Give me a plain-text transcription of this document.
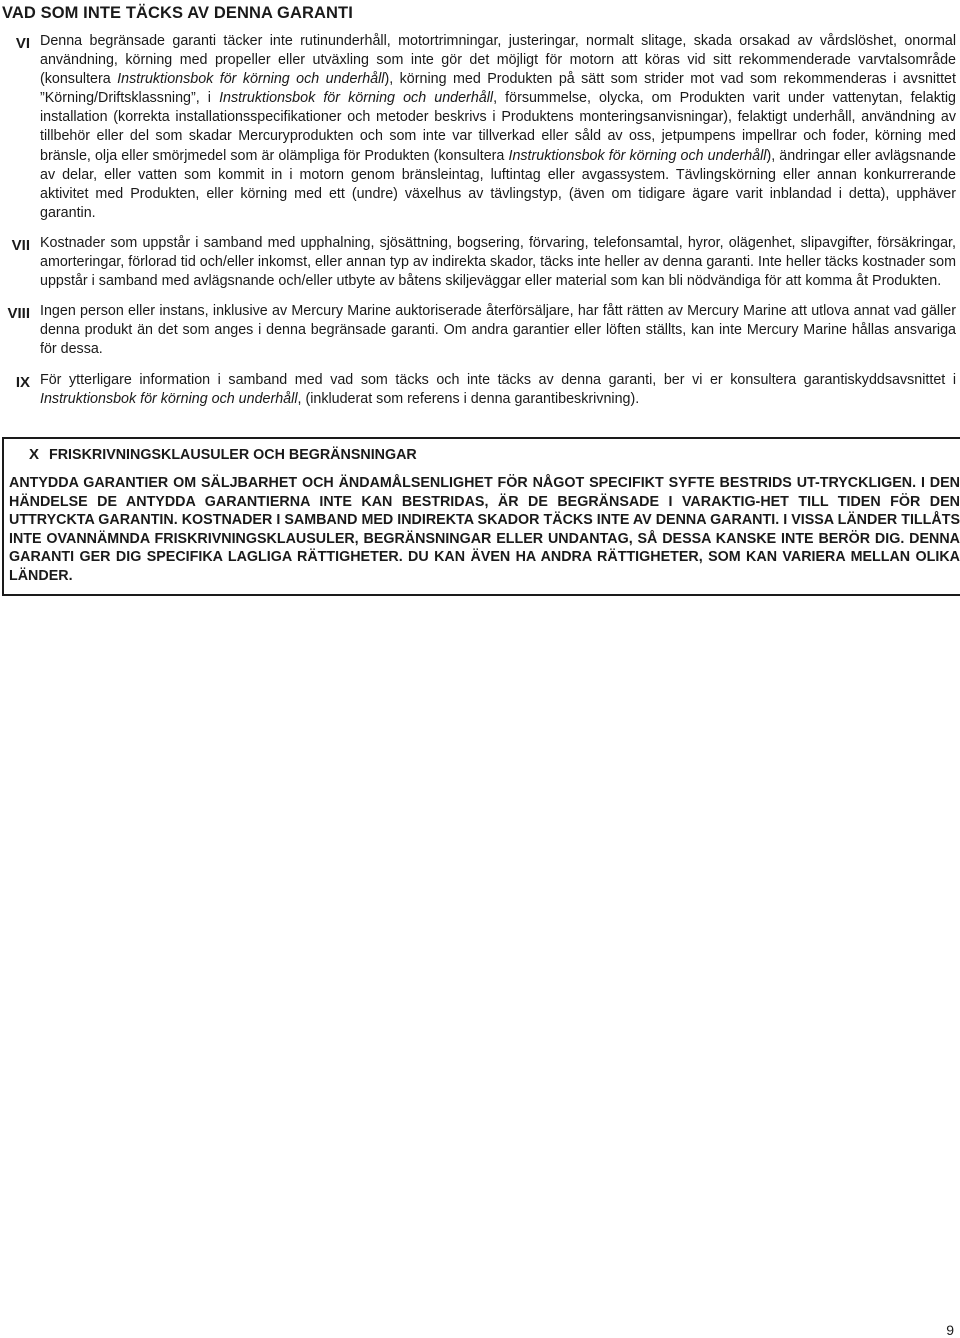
VAD SOM INTE TÄCKS AV DENNA GARANTI
VI Denna begränsade garanti täcker inte rutinunderhåll, motortrimningar, justeringar, normalt slitage, skada orsakad av vårdslöshet, onormal användning, körning med propeller eller utväxling som inte gör det möjligt för motorn att köras vid sitt rekommenderade varvtalsområde (konsultera Instruktionsbok för körning och underhåll), körning med Produkten på sätt som strider mot vad som rekommenderas i avsnittet ”Körning/Driftsklassning”, i Instruktionsbok för körning och underhåll, försummelse, olycka, om Produkten varit under vattenytan, felaktig installation (korrekta installationsspecifikationer och metoder beskrivs i Produktens monteringsanvisningar), felaktigt underhåll, användning av tillbehör eller del som skadar Mercuryprodukten och som inte var tillverkad eller såld av oss, jetpumpens impellrar och foder, körning med bränsle, olja eller smörjmedel som är olämpliga för Produkten (konsultera Instruktionsbok för körning och underhåll), ändringar eller avlägsnande av delar, eller vatten som kommit in i motorn genom bränsleintag, luftintag eller avgassystem. Tävlingskörning eller annan konkurrerande aktivitet med Produkten, eller körning med ett (undre) växelhus av tävlingstyp, (även om tidigare ägare varit inblandad i detta), upphäver garantin.
VII Kostnader som uppstår i samband med upphalning, sjösättning, bogsering, förvaring, telefonsamtal, hyror, olägenhet, slipavgifter, försäkringar, amorteringar, förlorad tid och/eller inkomst, eller annan typ av indirekta skador, täcks inte heller av denna garanti. Inte heller täcks kostnader som uppstår i samband med avlägsnande och/eller utbyte av båtens skiljeväggar eller material som kan bli nödvändiga för att komma åt Produkten.
VIII Ingen person eller instans, inklusive av Mercury Marine auktoriserade återförsäljare, har fått rätten av Mercury Marine att utlova annat vad gäller denna produkt än det som anges i denna begränsade garanti. Om andra garantier eller löften ställts, kan inte Mercury Marine hållas ansvariga för dessa.
IX För ytterligare information i samband med vad som täcks och inte täcks av denna garanti, ber vi er konsultera garantiskyddsavsnittet i Instruktionsbok för körning och underhåll, (inkluderat som referens i denna garantibeskrivning).
X FRISKRIVNINGSKLAUSULER OCH BEGRÄNSNINGAR

ANTYDDA GARANTIER OM SÄLJBARHET OCH ÄNDAMÅLSENLIGHET FÖR NÅGOT SPECIFIKT SYFTE BESTRIDS UT-TRYCKLIGEN. I DEN HÄNDELSE DE ANTYDDA GARANTIERNA INTE KAN BESTRIDAS, ÄR DE BEGRÄNSADE I VARAKTIG-HET TILL TIDEN FÖR DEN UTTRYCKTA GARANTIN. KOSTNADER I SAMBAND MED INDIREKTA SKADOR TÄCKS INTE AV DENNA GARANTI. I VISSA LÄNDER TILLÅTS INTE OVANNÄMNDA FRISKRIVNINGSKLAUSULER, BEGRÄNSNINGAR ELLER UNDANTAG, SÅ DESSA KANSKE INTE BERÖR DIG. DENNA GARANTI GER DIG SPECIFIKA LAGLIGA RÄTTIGHETER. DU KAN ÄVEN HA ANDRA RÄTTIGHETER, SOM KAN VARIERA MELLAN OLIKA LÄNDER.

9
